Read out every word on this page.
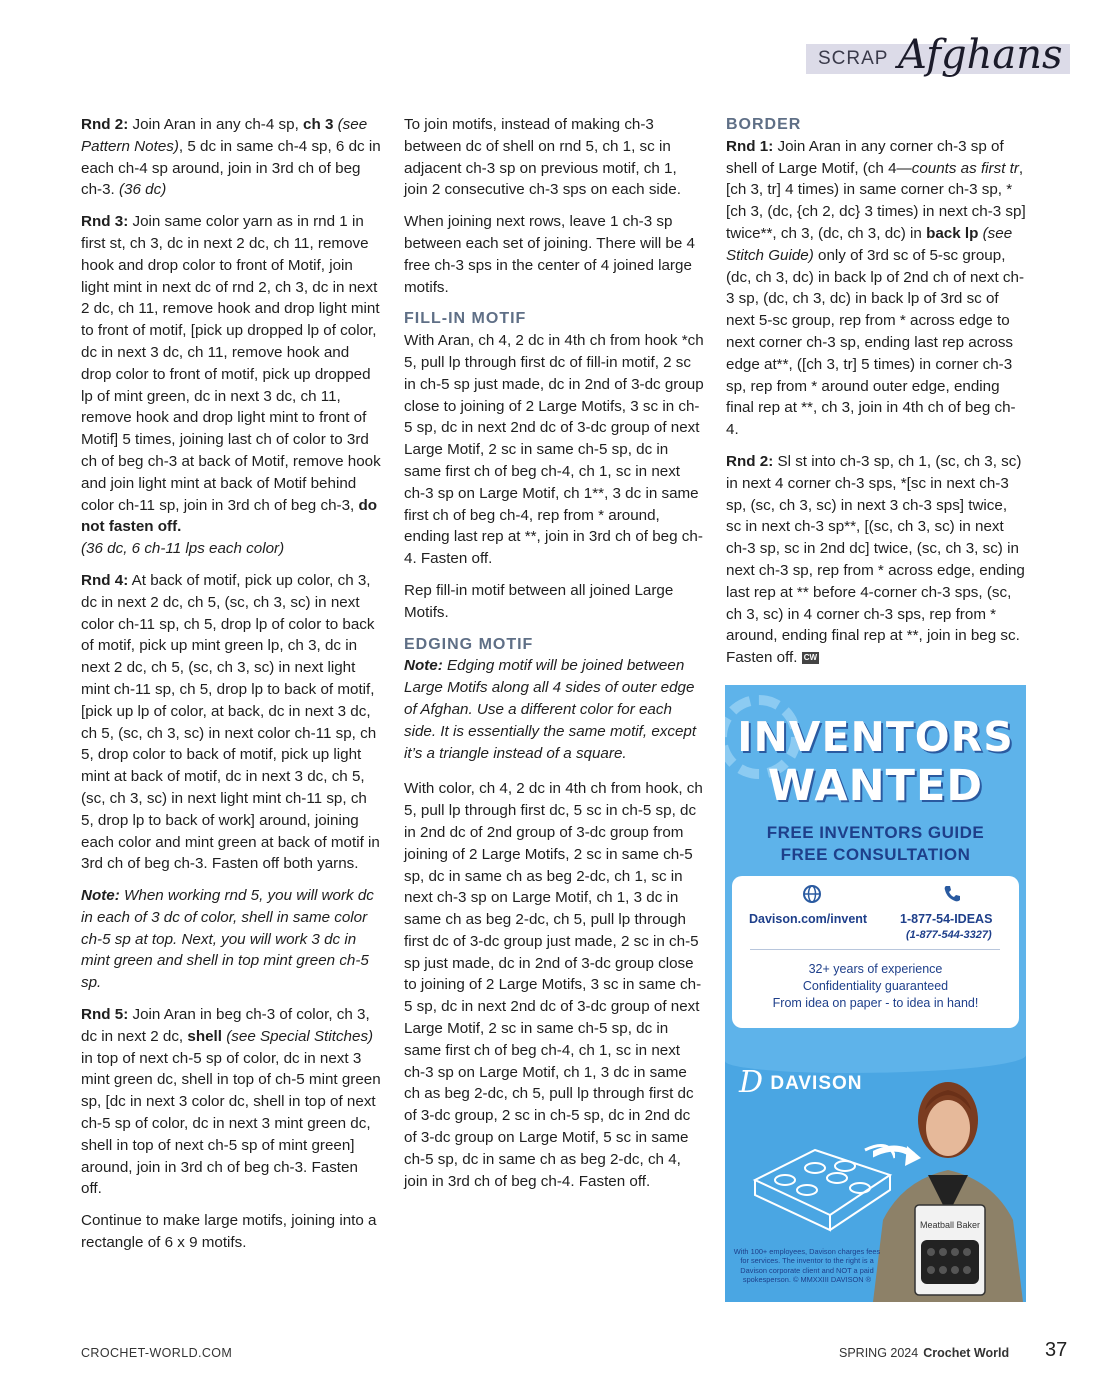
SCRAP Afghans

Rnd 2: Join Aran in any ch-4 sp, ch 3 (see Pattern Notes), 5 dc in same ch-4 sp, 6 dc in each ch-4 sp around, join in 3rd ch of beg ch-3. (36 dc)

Rnd 3: Join same color yarn as in rnd 1 in first st, ch 3, dc in next 2 dc, ch 11, remove hook and drop color to front of Motif, join light mint in next dc of rnd 2, ch 3, dc in next 2 dc, ch 11, remove hook and drop light mint to front of motif, [pick up dropped lp of color, dc in next 3 dc, ch 11, remove hook and drop color to front of motif, pick up dropped lp of mint green, dc in next 3 dc, ch 11, remove hook and drop light mint to front of Motif] 5 times, joining last ch of color to 3rd ch of beg ch-3 at back of Motif, remove hook and join light mint at back of Motif behind color ch-11 sp, join in 3rd ch of beg ch-3, do not fasten off.
(36 dc, 6 ch-11 lps each color)

Rnd 4: At back of motif, pick up color, ch 3, dc in next 2 dc, ch 5, (sc, ch 3, sc) in next color ch-11 sp, ch 5, drop lp of color to back of motif, pick up mint green lp, ch 3, dc in next 2 dc, ch 5, (sc, ch 3, sc) in next light mint ch-11 sp, ch 5, drop lp to back of motif, [pick up lp of color, at back, dc in next 3 dc, ch 5, (sc, ch 3, sc) in next color ch-11 sp, ch 5, drop color to back of motif, pick up light mint at back of motif, dc in next 3 dc, ch 5, (sc, ch 3, sc) in next light mint ch-11 sp, ch 5, drop lp to back of work] around, joining each color and mint green at back of motif in 3rd ch of beg ch-3. Fasten off both yarns.

Note: When working rnd 5, you will work dc in each of 3 dc of color, shell in same color ch-5 sp at top. Next, you will work 3 dc in mint green and shell in top mint green ch-5 sp.

Rnd 5: Join Aran in beg ch-3 of color, ch 3, dc in next 2 dc, shell (see Special Stitches) in top of next ch-5 sp of color, dc in next 3 mint green dc, shell in top of ch-5 mint green sp, [dc in next 3 color dc, shell in top of next ch-5 sp of color, dc in next 3 mint green dc, shell in top of next ch-5 sp of mint green] around, join in 3rd ch of beg ch-3. Fasten off.

Continue to make large motifs, joining into a rectangle of 6 x 9 motifs.

To join motifs, instead of making ch-3 between dc of shell on rnd 5, ch 1, sc in adjacent ch-3 sp on previous motif, ch 1, join 2 consecutive ch-3 sps on each side.

When joining next rows, leave 1 ch-3 sp between each set of joining. There will be 4 free ch-3 sps in the center of 4 joined large motifs.

FILL-IN MOTIF

With Aran, ch 4, 2 dc in 4th ch from hook *ch 5, pull lp through first dc of fill-in motif, 2 sc in ch-5 sp just made, dc in 2nd of 3-dc group close to joining of 2 Large Motifs, 3 sc in ch-5 sp, dc in next 2nd dc of 3-dc group of next Large Motif, 2 sc in same ch-5 sp, dc in same first ch of beg ch-4, ch 1, sc in next ch-3 sp on Large Motif, ch 1**, 3 dc in same first ch of beg ch-4, rep from * around, ending last rep at **, join in 3rd ch of beg ch-4. Fasten off.

Rep fill-in motif between all joined Large Motifs.

EDGING MOTIF

Note: Edging motif will be joined between Large Motifs along all 4 sides of outer edge of Afghan. Use a different color for each side. It is essentially the same motif, except it’s a triangle instead of a square.

With color, ch 4, 2 dc in 4th ch from hook, ch 5, pull lp through first dc, 5 sc in ch-5 sp, dc in 2nd dc of 2nd group of 3-dc group from joining of 2 Large Motifs, 2 sc in same ch-5 sp, dc in same ch as beg 2-dc, ch 1, sc in next ch-3 sp on Large Motif, ch 1, 3 dc in same ch as beg 2-dc, ch 5, pull lp through first dc of 3-dc group just made, 2 sc in ch-5 sp just made, dc in 2nd of 3-dc group close to joining of 2 Large Motifs, 3 sc in same ch-5 sp, dc in next 2nd dc of 3-dc group of next Large Motif, 2 sc in same ch-5 sp, dc in same first ch of beg ch-4, ch 1, sc in next ch-3 sp on Large Motif, ch 1, 3 dc in same ch as beg 2-dc, ch 5, pull lp through first dc of 3-dc group, 2 sc in ch-5 sp, dc in 2nd dc of 3-dc group on Large Motif, 5 sc in same ch-5 sp, dc in same ch as beg 2-dc, ch 4, join in 3rd ch of beg ch-4. Fasten off.

BORDER

Rnd 1: Join Aran in any corner ch-3 sp of shell of Large Motif, (ch 4—counts as first tr, [ch 3, tr] 4 times) in same corner ch-3 sp, *[ch 3, (dc, {ch 2, dc} 3 times) in next ch-3 sp] twice**, ch 3, (dc, ch 3, dc) in back lp (see Stitch Guide) only of 3rd sc of 5-sc group, (dc, ch 3, dc) in back lp of 2nd ch of next ch-3 sp, (dc, ch 3, dc) in back lp of 3rd sc of next 5-sc group, rep from * across edge to next corner ch-3 sp, ending last rep across edge at**, ([ch 3, tr] 5 times) in corner ch-3 sp, rep from * around outer edge, ending final rep at **, ch 3, join in 4th ch of beg ch-4.

Rnd 2: Sl st into ch-3 sp, ch 1, (sc, ch 3, sc) in next 4 corner ch-3 sps, *[sc in next ch-3 sp, (sc, ch 3, sc) in next 3 ch-3 sps] twice, sc in next ch-3 sp**, [(sc, ch 3, sc) in next ch-3 sp, sc in 2nd dc] twice, (sc, ch 3, sc) in next ch-3 sp, rep from * across edge, ending last rep at ** before 4-corner ch-3 sps, (sc, ch 3, sc) in 4 corner ch-3 sps, rep from * around, ending final rep at **, join in beg sc. Fasten off. CW

INVENTORS
WANTED
FREE INVENTORS GUIDE
FREE CONSULTATION
Davison.com/invent	1-877-54-IDEAS
(1-877-544-3327)
32+ years of experience
Confidentiality guaranteed
From idea on paper - to idea in hand!
D DAVISON
Meatball Baker
With 100+ employees, Davison charges fees for services. The inventor to the right is a Davison corporate client and NOT a paid spokesperson. © MMXXIII DAVISON ®
CROCHET-WORLD.COM	SPRING 2024 Crochet World 37
